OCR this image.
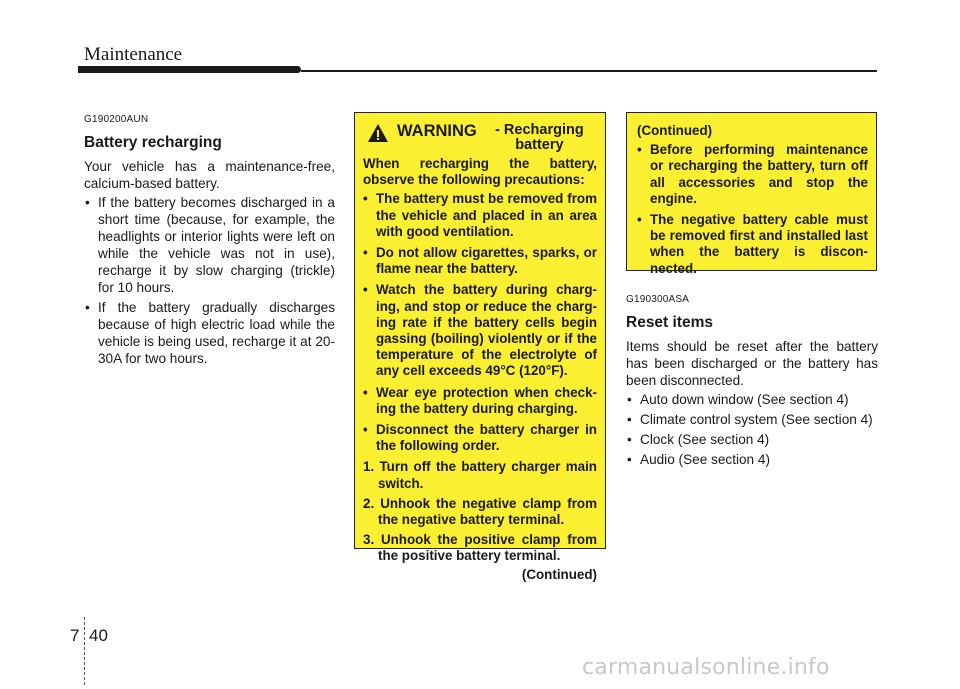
Maintenance
G190200AUN
Battery recharging

Your vehicle has a maintenance-free, calcium-based battery.

• If the battery becomes discharged in a short time (because, for example, the headlights or interior lights were left on while the vehicle was not in use), recharge it by slow charging (trickle) for 10 hours.
• If the battery gradually discharges because of high electric load while the vehicle is being used, recharge it at 20-30A for two hours.
WARNING	- Recharging battery

When recharging the battery, observe the following precautions:

• The battery must be removed from the vehicle and placed in an area with good ventilation.
• Do not allow cigarettes, sparks, or flame near the battery.
• Watch the battery during charg-ing, and stop or reduce the charg-ing rate if the battery cells begin gassing (boiling) violently or if the temperature of the electrolyte of any cell exceeds 49°C (120°F).
• Wear eye protection when check-ing the battery during charging.
• Disconnect the battery charger in the following order.
1. Turn off the battery charger main switch.
2. Unhook the negative clamp from the negative battery terminal.
3. Unhook the positive clamp from the positive battery terminal.
(Continued)
(Continued)
• Before performing maintenance or recharging the battery, turn off all accessories and stop the engine.
• The negative battery cable must be removed first and installed last when the battery is discon-nected.
G190300ASA
Reset items

Items should be reset after the battery has been discharged or the battery has been disconnected.

• Auto down window (See section 4)
• Climate control system (See section 4)
• Clock (See section 4)
• Audio (See section 4)
7 40
carmanualsonline.info
